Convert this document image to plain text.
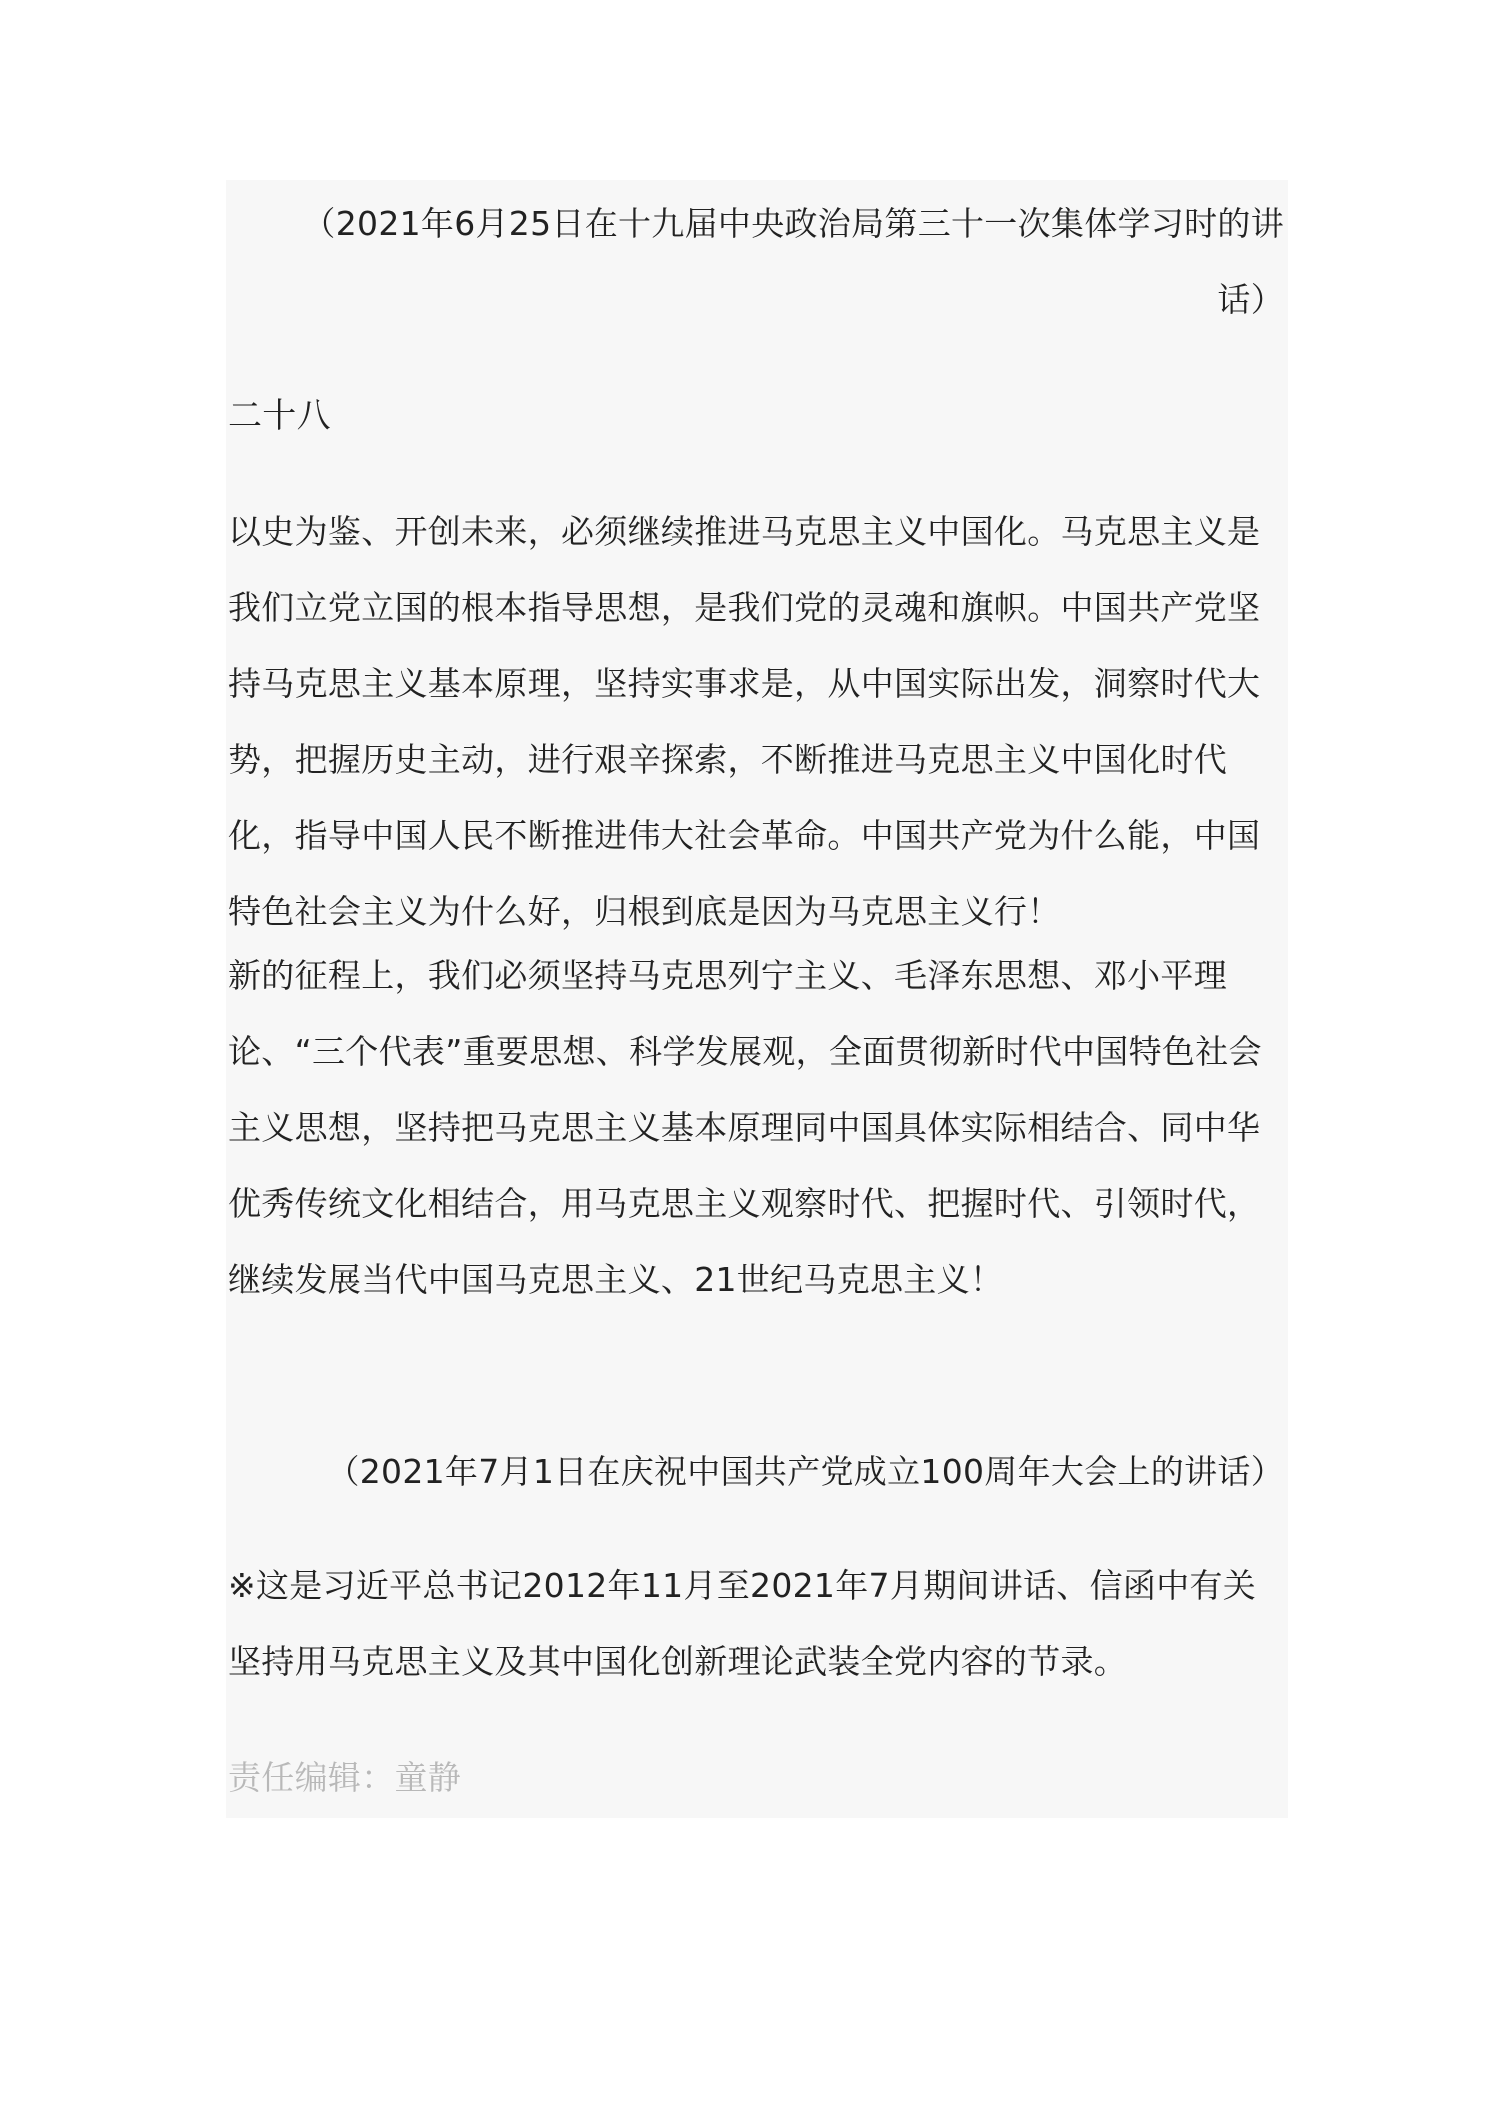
（2021年6月25日在十九届中央政治局第三十一次集体学习时的讲话）

二十八

以史为鉴、开创未来，必须继续推进马克思主义中国化。马克思主义是我们立党立国的根本指导思想，是我们党的灵魂和旗帜。中国共产党坚持马克思主义基本原理，坚持实事求是，从中国实际出发，洞察时代大势，把握历史主动，进行艰辛探索，不断推进马克思主义中国化时代化，指导中国人民不断推进伟大社会革命。中国共产党为什么能，中国特色社会主义为什么好，归根到底是因为马克思主义行！

新的征程上，我们必须坚持马克思列宁主义、毛泽东思想、邓小平理论、“三个代表”重要思想、科学发展观，全面贯彻新时代中国特色社会主义思想，坚持把马克思主义基本原理同中国具体实际相结合、同中华优秀传统文化相结合，用马克思主义观察时代、把握时代、引领时代，继续发展当代中国马克思主义、21世纪马克思主义！

（2021年7月1日在庆祝中国共产党成立100周年大会上的讲话）

※这是习近平总书记2012年11月至2021年7月期间讲话、信函中有关坚持用马克思主义及其中国化创新理论武装全党内容的节录。

责任编辑：童静
